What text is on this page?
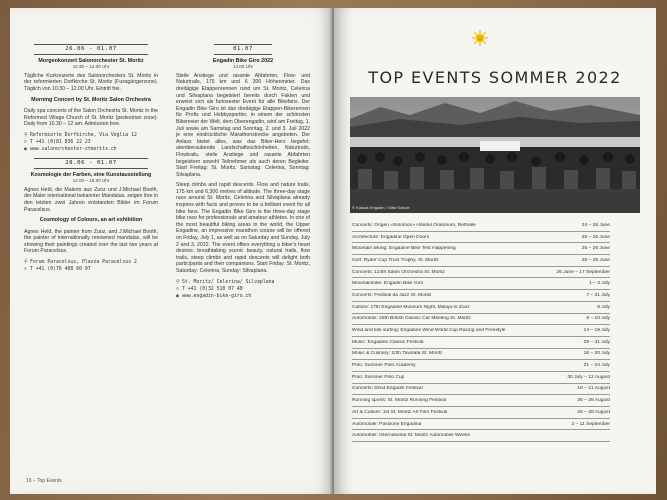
26.06 - 01.07
Morgenkonzert Salonorchester St. Moritz
10.30 – 12.00 Uhr
Tägliche Kurkonzerte des Salonorchesters St. Moritz in der reformierten Dorfkirche St. Moritz (Fussgängerzone). Täglich von 10.30 – 12.00 Uhr. Eintritt frei.
Morning Concert by St. Moritz Salon Orchestra
Daily spa concerts of the Salon Orchestra St. Moritz in the Reformed Village Church of St. Moritz (pedestrian zone). Daily from 10.30 – 12 am. Admission free.
⚲ Reformierte Dorfkirche, Via Veglia 12
✆ T +41 (0)81 836 22 23
● www.salonorchester-stmoritz.ch
28.06 - 01.07
Kosmologie der Farben, eine Kunstausstellung
12.00 – 18.00 Uhr
Agnes Held, die Malerin aus Zuoz und J.Michael Booth, der Maler international bekannter Mandalas, zeigen ihre in den letzten zwei Jahren entstanden Bilder im Forum Paracelsus.
Cosmology of Colours, an art exhibition
Agnes Held, the painter from Zuoz, and J.Michael Booth, the painter of internationally renowned mandalas, will be showing their paintings created over the last two years at Forum Paracelsus.
⚲ Forum Paracelsus, Plazza Paracelsus 2
✆ T +41 (0)76 408 60 97
01.07
Engadin Bike Giro 2022
14.00 Uhr
Steile Anstiege und rasante Abfahrten, Flow- und Naturtrails, 175 km und 6 300 Höhenmeter. Das dreitägige Etappenrennen rund um St. Moritz, Celerina und Silvaplana begeistert bereits durch Fakten und erweist sich als furiosester Event für alle Bikefans. Der Engadin Bike Giro ist das dreitägige Etappen-Bikerennen für Profis und Hobbysportler, in einem der schönsten Bikerevier der Welt, dem Oberengadin, wird am Freitag, 1. Juli sowie am Samstag und Sonntag, 2. und 3. Juli 2022 je eine eindrückliche Marathonstrecke angeboten. Der Anlass bietet alles, was das Biker-Herz begehrt: atemberaubende Landschaftsschönheiten, Naturtrails, Flowtrails, steile Anstiege und rasante Abfahrten begeistern sowohl Teilnehmer als auch deren Begleiter. Start Freitag: St. Moritz, Samstag: Celerina, Sonntag: Silvaplana.
Steep climbs and rapid descents. Flow and nature trails, 175 km and 6,300 metres of altitude. The three-day stage race around St. Moritz, Celerina and Silvaplana already inspires with facts and proves to be a brilliant event for all bike fans. The Engadin Bike Giro is the three-day stage bike race for professionals and amateur athletes. In one of the most beautiful biking areas in the world, the Upper Engadine, an impressive marathon course will be offered on Friday, July 1, as well as on Saturday and Sunday, July 2 and 3, 2022. The event offers everything a biker's heart desires: breathtaking scenic beauty, natural trails, flow trails, steep climbs and rapid descents will delight both participants and their companions. Start Friday: St. Moritz, Saturday: Celerina, Sunday: Silvaplana.
⚲ St. Moritz/ Celerina/ Silvaplana
✆ T +41 (0)32 510 07 40
● www.engadin-bike-giro.ch
16 – Top Events
TOP EVENTS SOMMER 2022
© Klassik Engadin / Gitta Schule
Concerts: Origen «Solomon» Händel Oratorium, Rethalle	24 – 26 June
Architecture: Engadine Open Doors	25 – 26 June
Mountain biking: Engadine Bike Test Happening	25 – 26 June
Golf: Ryder Cup Trust Trophy, St. Moritz	26 – 28 June
Concerts: 114th Salon Orchestra St. Moritz	26 June – 17 September
Mountainbike: Engadin Bike Giro	1 – 3 July
Concerts: Festival da Jazz St. Moritz	7 – 31 July
Culture: 17th Engadine Museum Night, Maloja to Zuoz	8 July
Automobile: 28th British Classic Car Meeting St. Moritz	8 – 10 July
Wind and kite surfing: Engadine Wind World Cup Racing and Freestyle	14 – 19 July
Music: Engadine Classic Festival	29 – 31 July
Music & Culinary: 10th Tavolata St. Moritz	16 – 20 July
Polo: Summer Polo Academy	21 – 24 July
Polo: Summer Polo Cup	30 July – 12 August
Concerts: 82nd Engadin Festival	19 – 21 August
Running sports: St. Moritz Running Festival	26 – 28 August
Art & Culture: 1st St. Moritz Art Film Festival	26 – 28 August
Automobile: Passione Engadina	2 – 11 September
Automobile: International St. Moritz Automobile Weeks
